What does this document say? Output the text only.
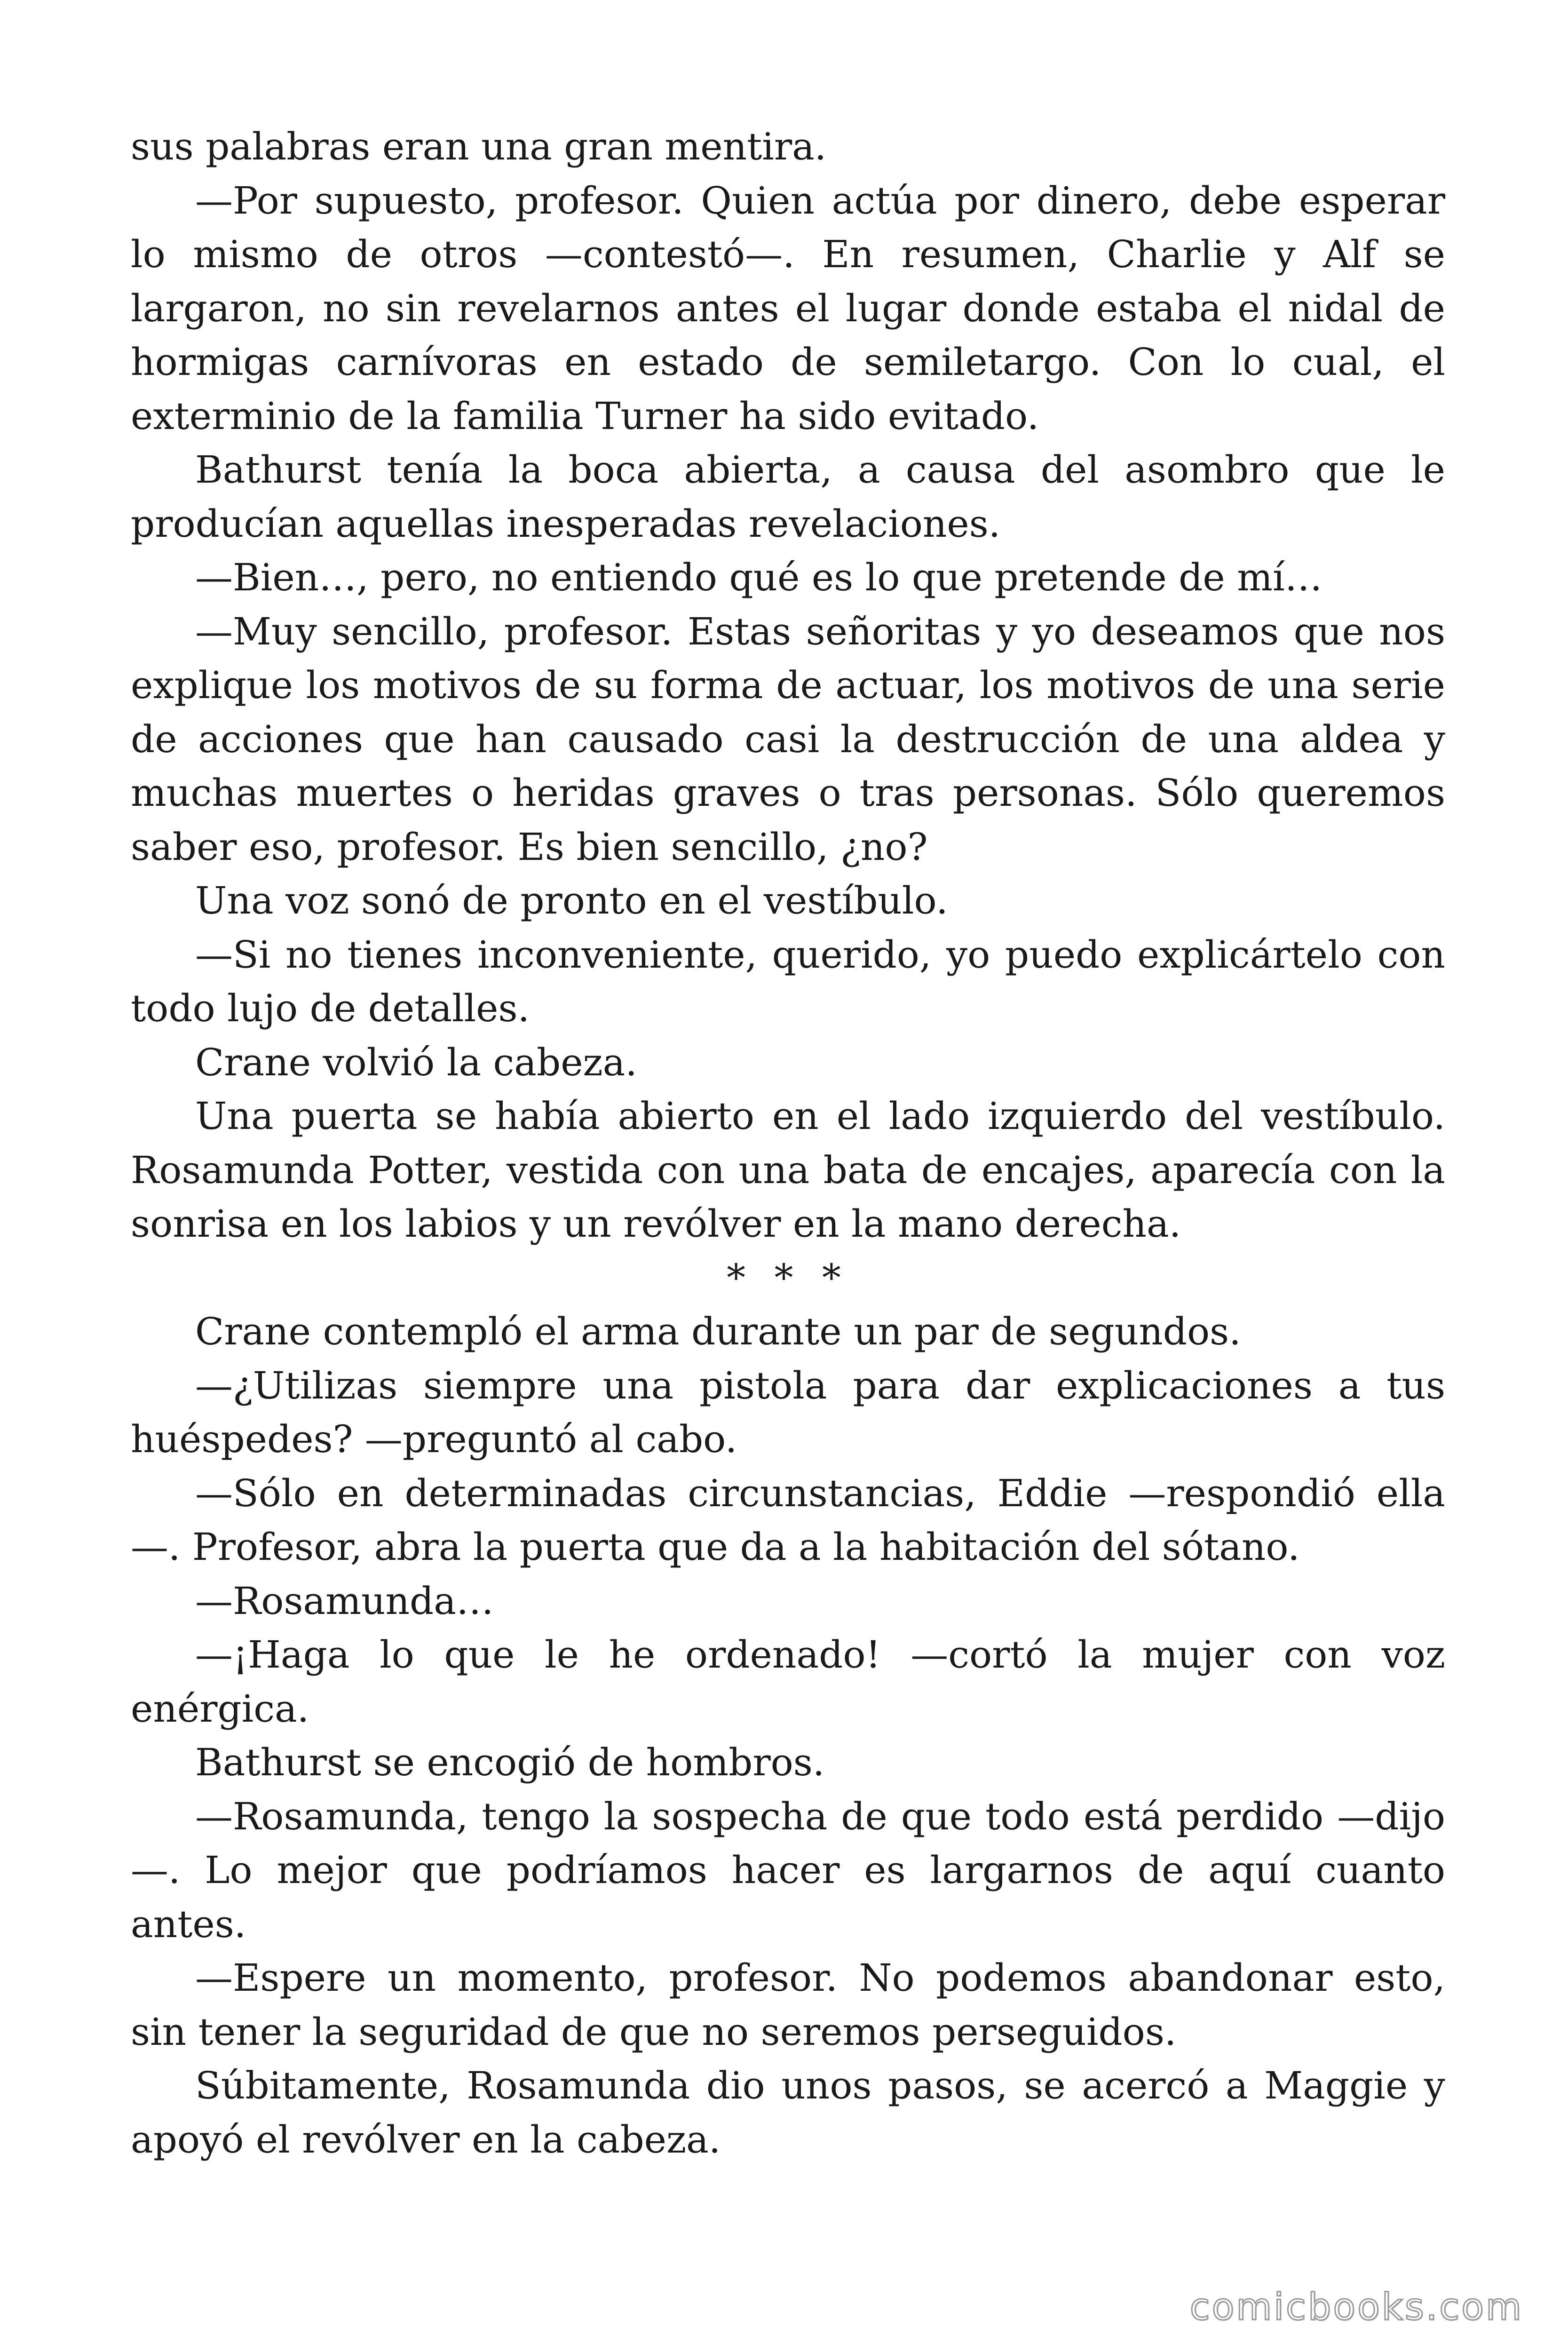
sus palabras eran una gran mentira.

—Por supuesto, profesor. Quien actúa por dinero, debe esperar lo mismo de otros —contestó—. En resumen, Charlie y Alf se largaron, no sin revelarnos antes el lugar donde estaba el nidal de hormigas carnívoras en estado de semiletargo. Con lo cual, el exterminio de la familia Turner ha sido evitado.

Bathurst tenía la boca abierta, a causa del asombro que le producían aquellas inesperadas revelaciones.

—Bien…, pero, no entiendo qué es lo que pretende de mí…

—Muy sencillo, profesor. Estas señoritas y yo deseamos que nos explique los motivos de su forma de actuar, los motivos de una serie de acciones que han causado casi la destrucción de una aldea y muchas muertes o heridas graves o tras personas. Sólo queremos saber eso, profesor. Es bien sencillo, ¿no?

Una voz sonó de pronto en el vestíbulo.

—Si no tienes inconveniente, querido, yo puedo explicártelo con todo lujo de detalles.

Crane volvió la cabeza.

Una puerta se había abierto en el lado izquierdo del vestíbulo. Rosamunda Potter, vestida con una bata de encajes, aparecía con la sonrisa en los labios y un revólver en la mano derecha.

* * *

Crane contempló el arma durante un par de segundos.

—¿Utilizas siempre una pistola para dar explicaciones a tus huéspedes? —preguntó al cabo.

—Sólo en determinadas circunstancias, Eddie —respondió ella —. Profesor, abra la puerta que da a la habitación del sótano.

—Rosamunda…

—¡Haga lo que le he ordenado! —cortó la mujer con voz enérgica.

Bathurst se encogió de hombros.

—Rosamunda, tengo la sospecha de que todo está perdido —dijo —. Lo mejor que podríamos hacer es largarnos de aquí cuanto antes.

—Espere un momento, profesor. No podemos abandonar esto, sin tener la seguridad de que no seremos perseguidos.

Súbitamente, Rosamunda dio unos pasos, se acercó a Maggie y apoyó el revólver en la cabeza.

comicbooks.com
